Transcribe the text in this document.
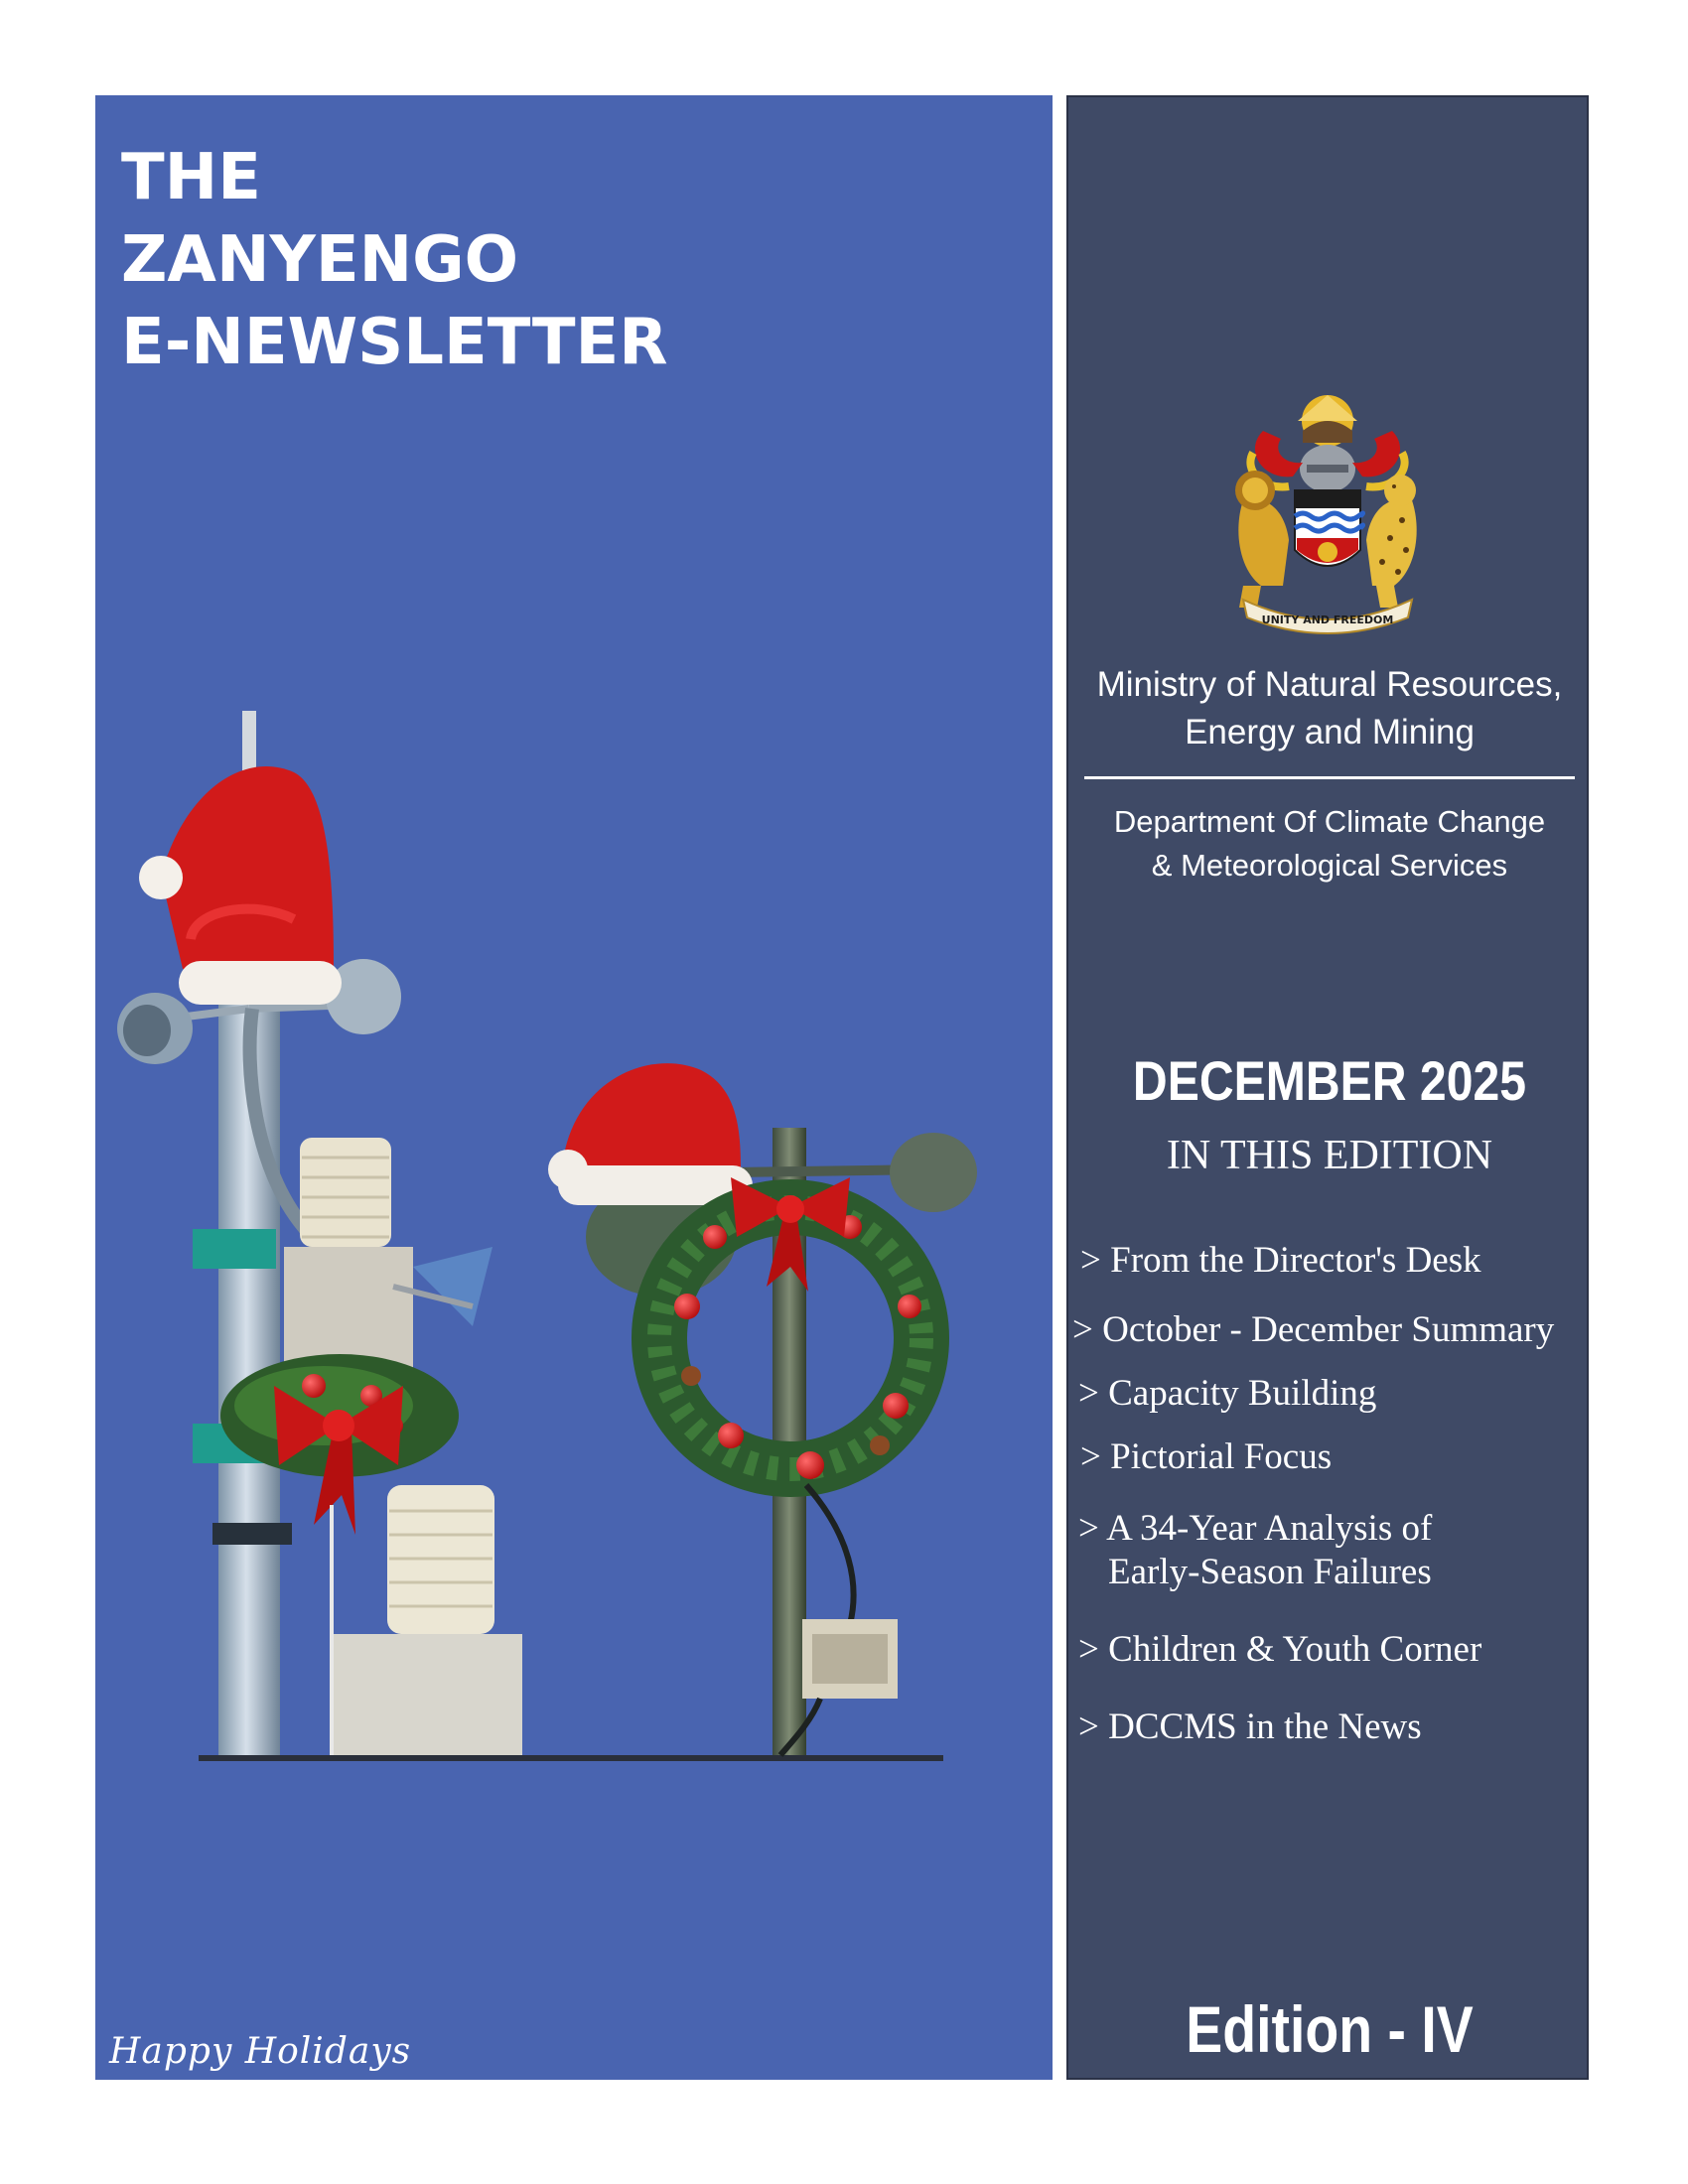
THE
ZANYENGO
E-NEWSLETTER
Happy Holidays
UNITY AND FREEDOM
Ministry of Natural Resources,
Energy and Mining
Department Of Climate Change
& Meteorological Services
DECEMBER 2025
IN THIS EDITION
> From the Director's Desk
> October - December Summary
> Capacity Building
> Pictorial Focus
> A 34-Year Analysis of
Early-Season Failures
> Children & Youth Corner
> DCCMS in the News
Edition - IV
